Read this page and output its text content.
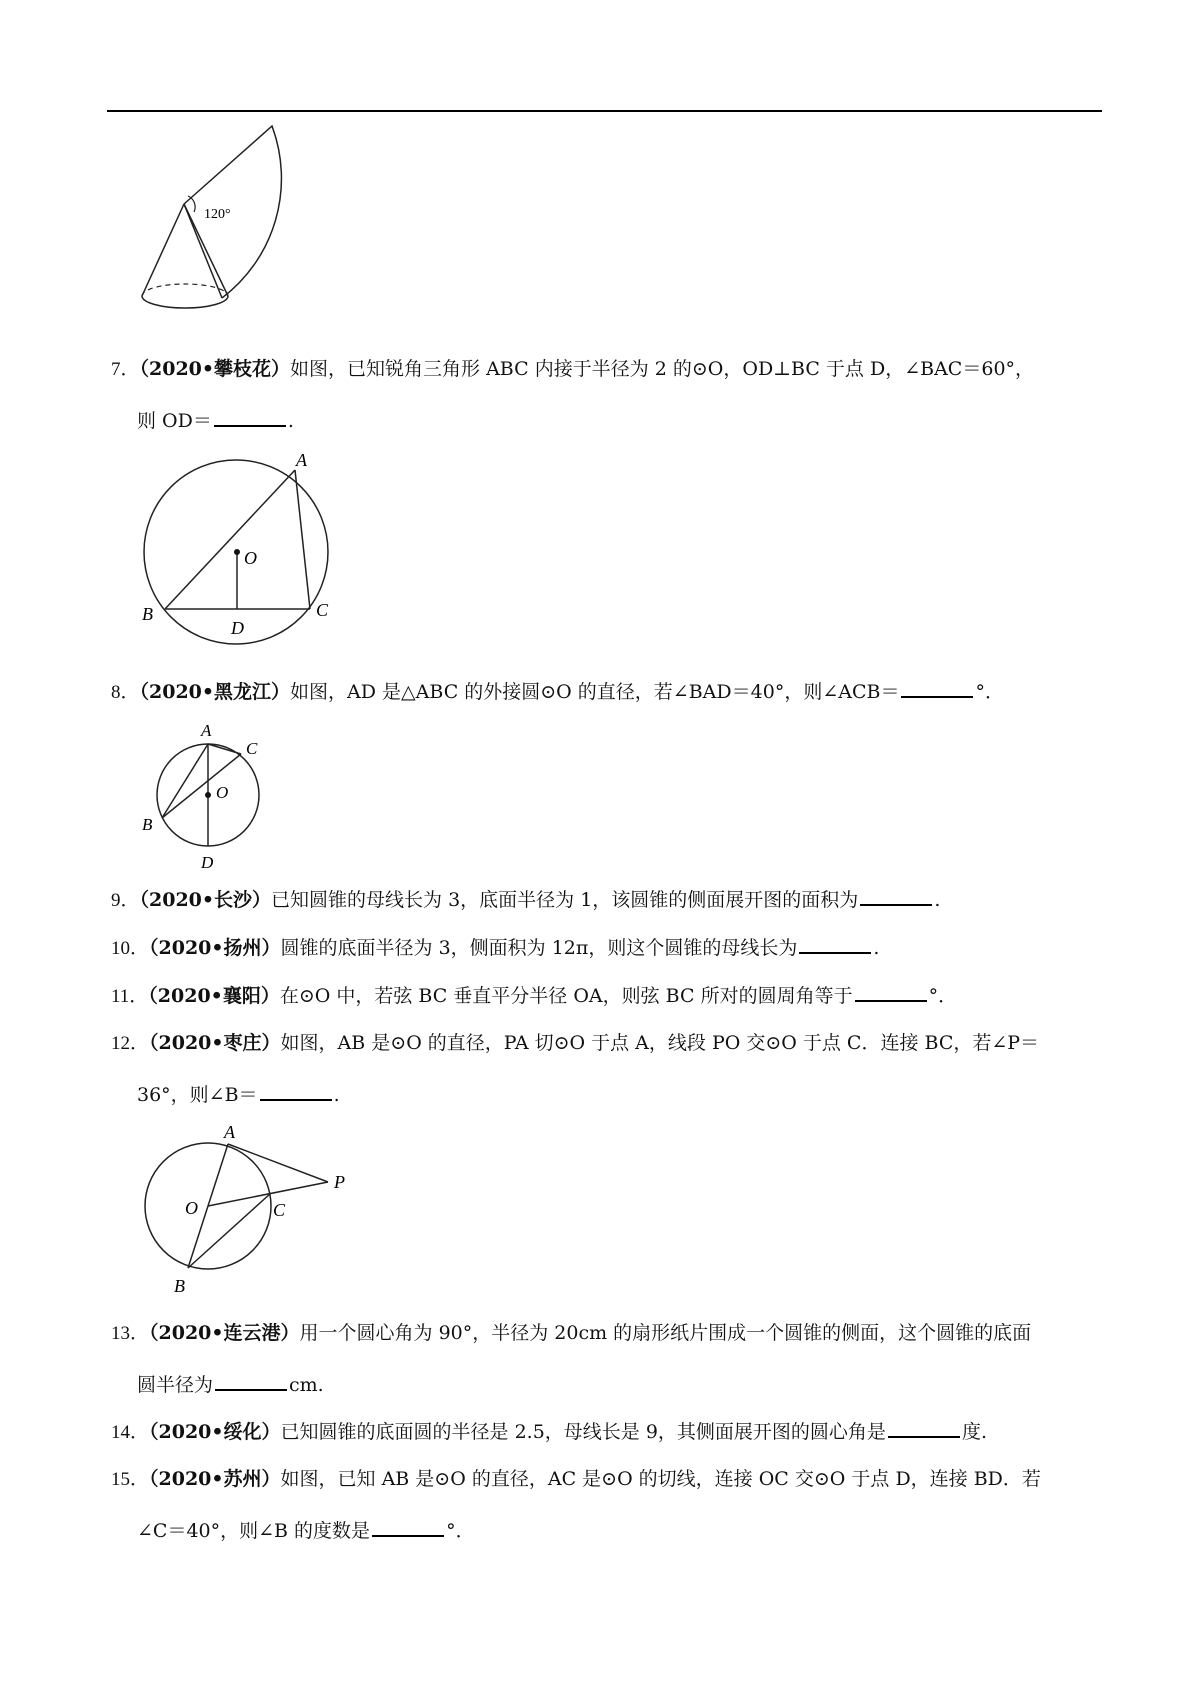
120°
7．（2020•攀枝花）如图，已知锐角三角形 ABC 内接于半径为 2 的⊙O，OD⊥BC 于点 D，∠BAC＝60°，
则 OD＝	.
A
O
B
D
C
8．（2020•黑龙江）如图，AD 是△ABC 的外接圆⊙O 的直径，若∠BAD＝40°，则∠ACB＝	°．
A
C
O
B
D
9．（2020•长沙）已知圆锥的母线长为 3，底面半径为 1，该圆锥的侧面展开图的面积为	.
10．（2020•扬州）圆锥的底面半径为 3，侧面积为 12π，则这个圆锥的母线长为	.
11．（2020•襄阳）在⊙O 中，若弦 BC 垂直平分半径 OA，则弦 BC 所对的圆周角等于	°．
12．（2020•枣庄）如图，AB 是⊙O 的直径，PA 切⊙O 于点 A，线段 PO 交⊙O 于点 C．连接 BC，若∠P＝
36°，则∠B＝	.
A
P
O	C
B
13．（2020•连云港）用一个圆心角为 90°，半径为 20cm 的扇形纸片围成一个圆锥的侧面，这个圆锥的底面
圆半径为	cm.
14．（2020•绥化）已知圆锥的底面圆的半径是 2.5，母线长是 9，其侧面展开图的圆心角是	度.
15．（2020•苏州）如图，已知 AB 是⊙O 的直径，AC 是⊙O 的切线，连接 OC 交⊙O 于点 D，连接 BD．若
∠C＝40°，则∠B 的度数是	°．
